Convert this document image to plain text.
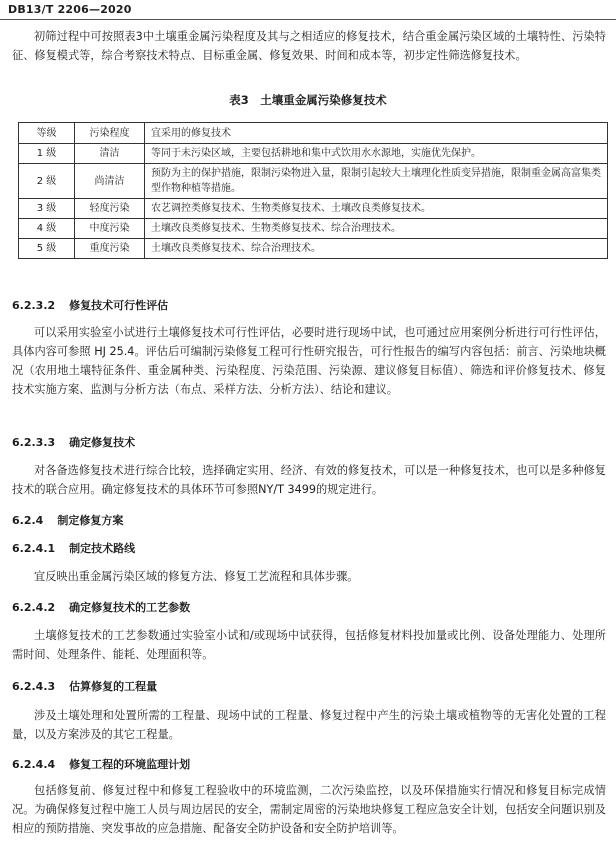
DB13/T 2206—2020

初筛过程中可按照表3中土壤重金属污染程度及其与之相适应的修复技术，结合重金属污染区域的土壤特性、污染特征、修复模式等，综合考察技术特点、目标重金属、修复效果、时间和成本等，初步定性筛选修复技术。

表3　土壤重金属污染修复技术
等级	污染程度	宜采用的修复技术
1 级	清洁	等同于未污染区域，主要包括耕地和集中式饮用水水源地，实施优先保护。
2 级	尚清洁	预防为主的保护措施，限制污染物进入量，限制引起较大土壤理化性质变异措施，限制重金属高富集类型作物种植等措施。
3 级	轻度污染	农艺调控类修复技术、生物类修复技术、土壤改良类修复技术。
4 级	中度污染	土壤改良类修复技术、生物类修复技术、综合治理技术。
5 级	重度污染	土壤改良类修复技术、综合治理技术。
6.2.3.2 修复技术可行性评估

可以采用实验室小试进行土壤修复技术可行性评估，必要时进行现场中试，也可通过应用案例分析进行可行性评估，具体内容可参照 HJ 25.4。评估后可编制污染修复工程可行性研究报告，可行性报告的编写内容包括：前言、污染地块概况（农用地土壤特征条件、重金属种类、污染程度、污染范围、污染源、建议修复目标值）、筛选和评价修复技术、修复技术实施方案、监测与分析方法（布点、采样方法、分析方法）、结论和建议。

6.2.3.3 确定修复技术

对各备选修复技术进行综合比较，选择确定实用、经济、有效的修复技术，可以是一种修复技术，也可以是多种修复技术的联合应用。确定修复技术的具体环节可参照NY/T 3499的规定进行。

6.2.4 制定修复方案
6.2.4.1 制定技术路线

宜反映出重金属污染区域的修复方法、修复工艺流程和具体步骤。

6.2.4.2 确定修复技术的工艺参数

土壤修复技术的工艺参数通过实验室小试和/或现场中试获得，包括修复材料投加量或比例、设备处理能力、处理所需时间、处理条件、能耗、处理面积等。

6.2.4.3 估算修复的工程量

涉及土壤处理和处置所需的工程量、现场中试的工程量、修复过程中产生的污染土壤或植物等的无害化处置的工程量，以及方案涉及的其它工程量。

6.2.4.4 修复工程的环境监理计划

包括修复前、修复过程中和修复工程验收中的环境监测，二次污染监控，以及环保措施实行情况和修复目标完成情况。为确保修复过程中施工人员与周边居民的安全，需制定周密的污染地块修复工程应急安全计划，包括安全问题识别及相应的预防措施、突发事故的应急措施、配备安全防护设备和安全防护培训等。
